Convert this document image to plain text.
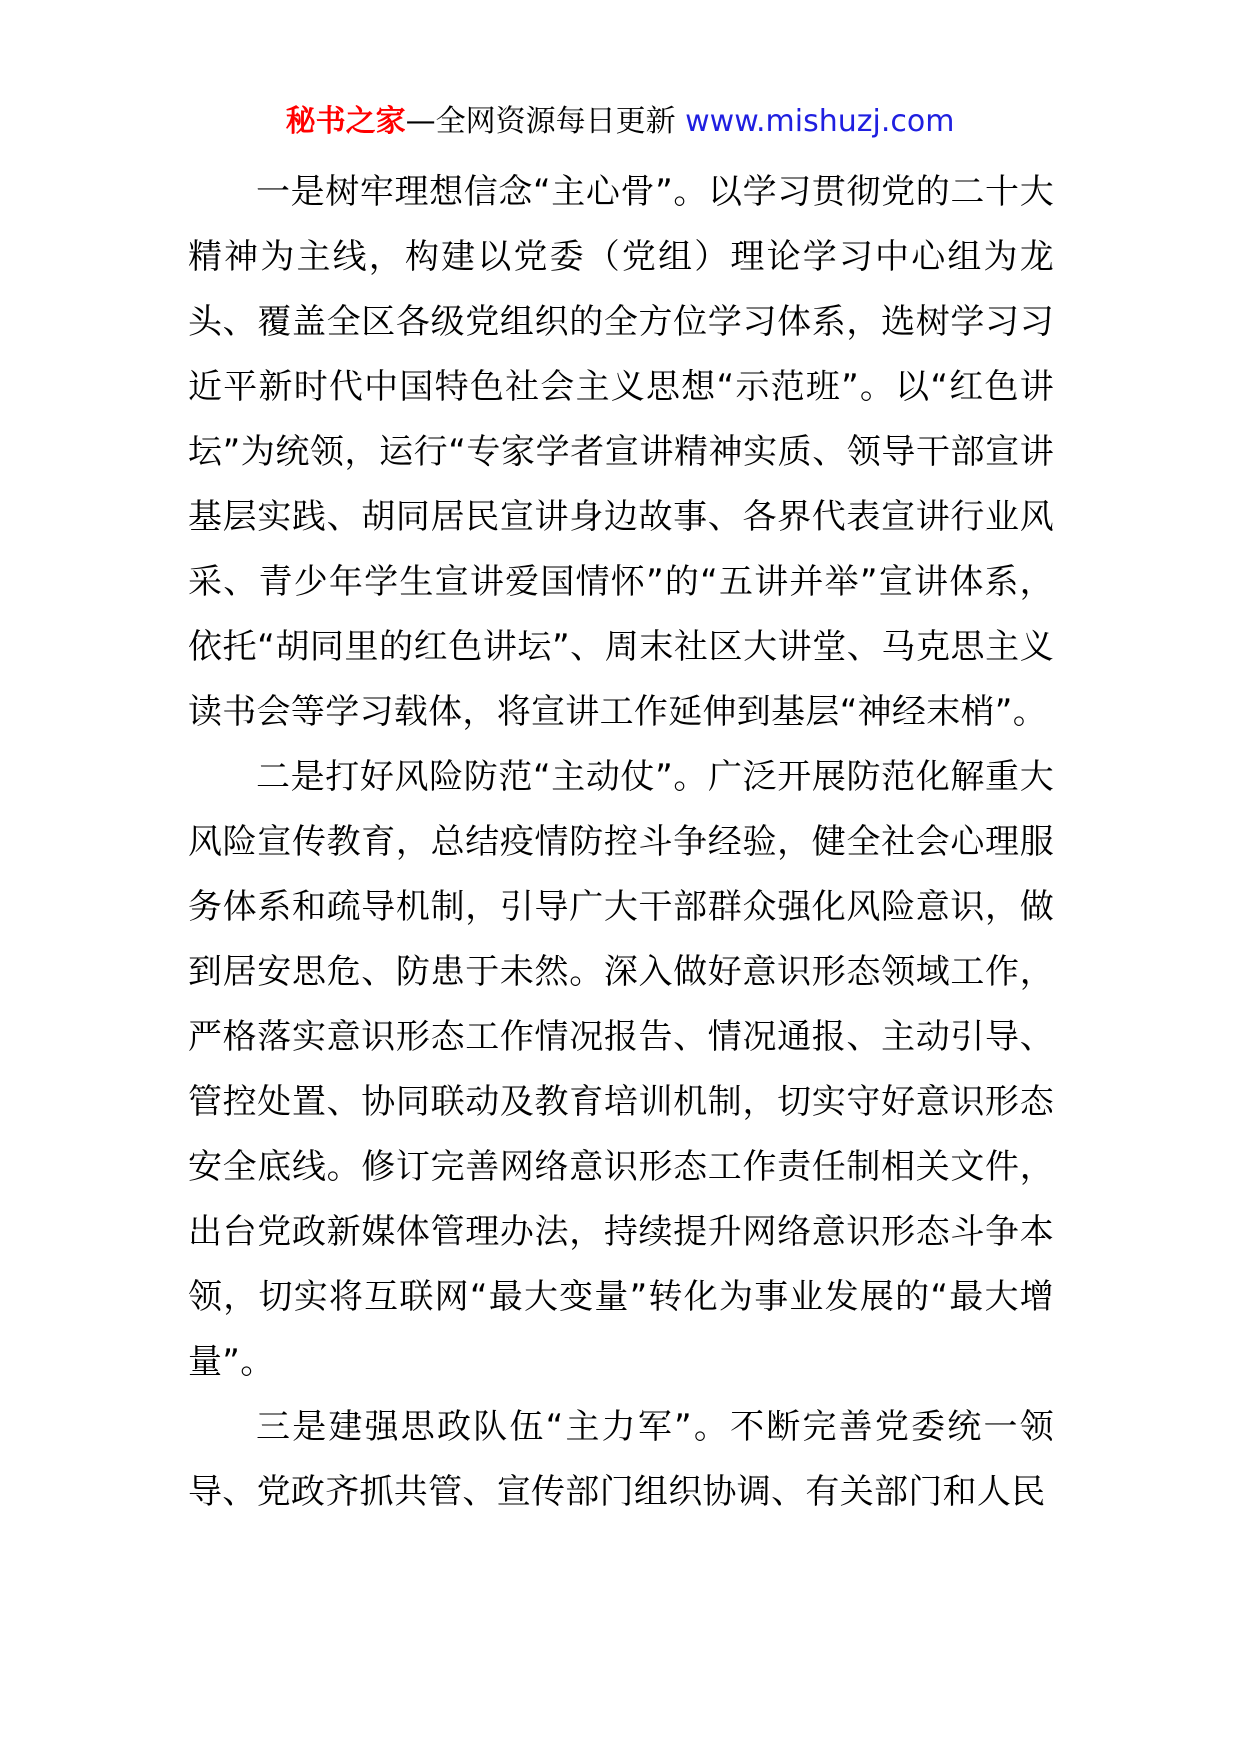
秘书之家—全网资源每日更新 www.mishuzj.com

一是树牢理想信念“主心骨”。以学习贯彻党的二十大精神为主线，构建以党委（党组）理论学习中心组为龙头、覆盖全区各级党组织的全方位学习体系，选树学习习近平新时代中国特色社会主义思想“示范班”。以“红色讲坛”为统领，运行“专家学者宣讲精神实质、领导干部宣讲基层实践、胡同居民宣讲身边故事、各界代表宣讲行业风采、青少年学生宣讲爱国情怀”的“五讲并举”宣讲体系，依托“胡同里的红色讲坛”、周末社区大讲堂、马克思主义读书会等学习载体，将宣讲工作延伸到基层“神经末梢”。

二是打好风险防范“主动仗”。广泛开展防范化解重大风险宣传教育，总结疫情防控斗争经验，健全社会心理服务体系和疏导机制，引导广大干部群众强化风险意识，做到居安思危、防患于未然。深入做好意识形态领域工作，严格落实意识形态工作情况报告、情况通报、主动引导、管控处置、协同联动及教育培训机制，切实守好意识形态安全底线。修订完善网络意识形态工作责任制相关文件，出台党政新媒体管理办法，持续提升网络意识形态斗争本领，切实将互联网“最大变量”转化为事业发展的“最大增量”。

三是建强思政队伍“主力军”。不断完善党委统一领导、党政齐抓共管、宣传部门组织协调、有关部门和人民
